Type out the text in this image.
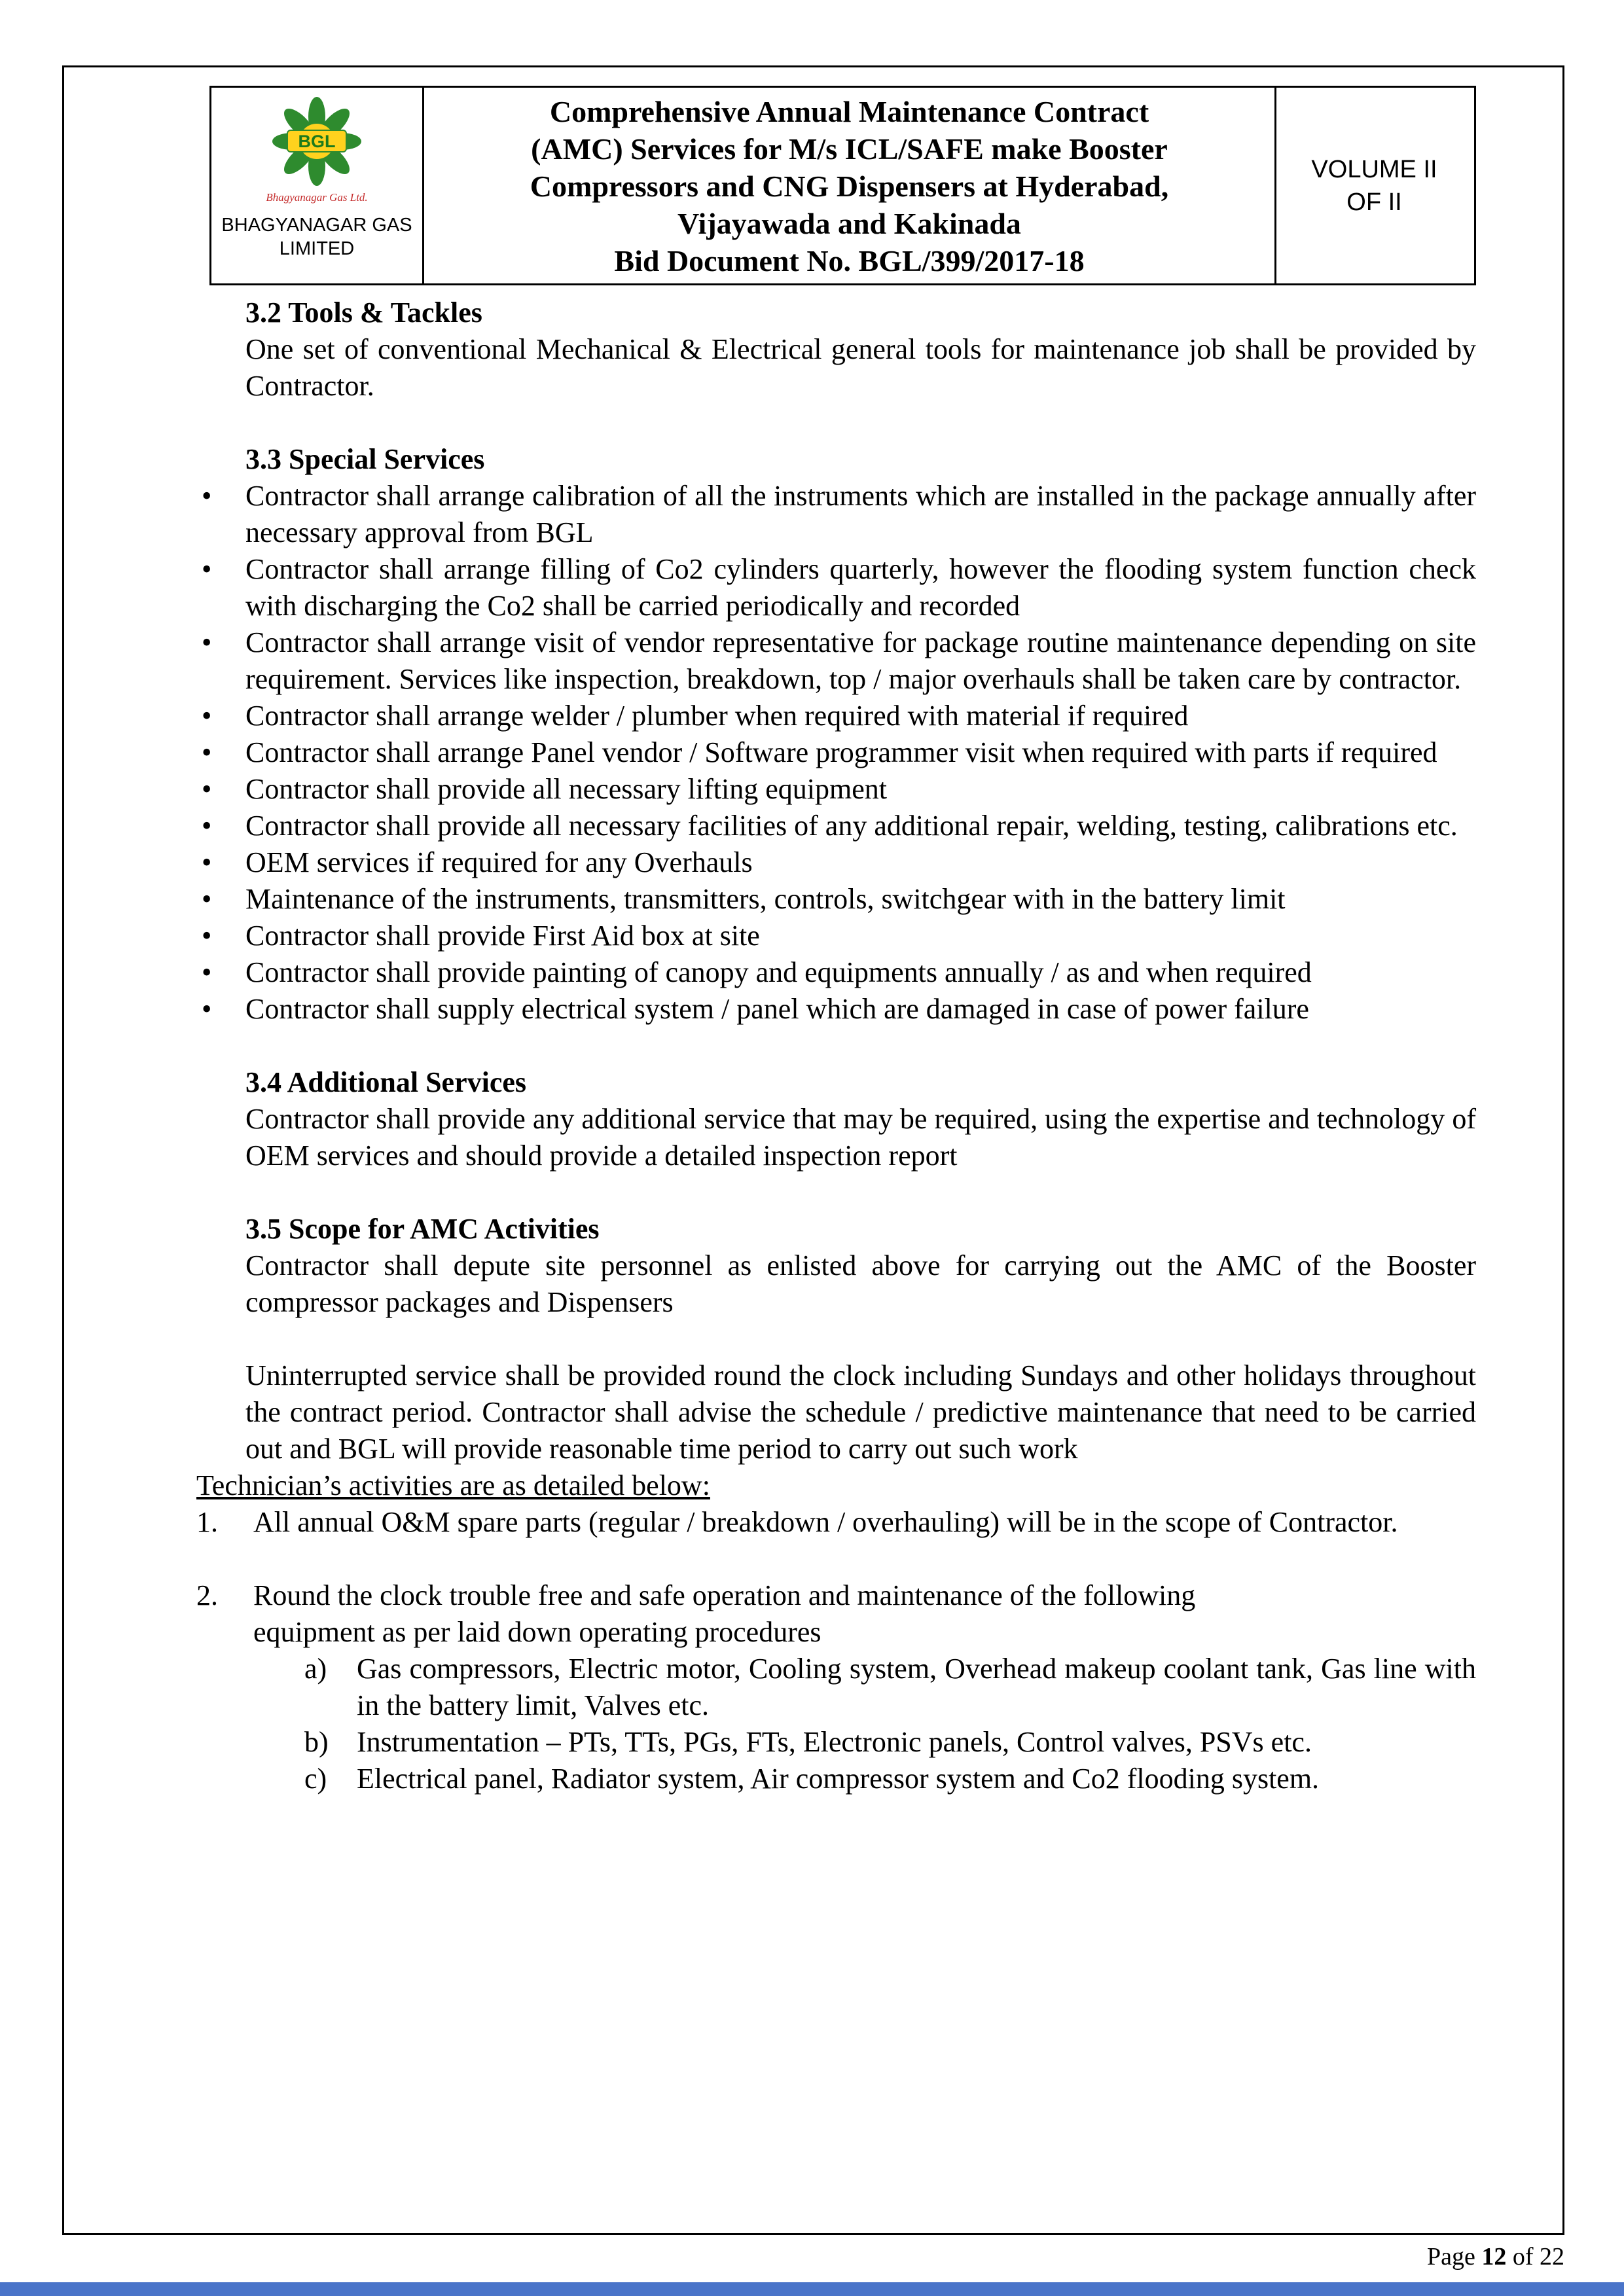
BGL
Bhagyanagar Gas Ltd.
BHAGYANAGAR GAS LIMITED
Comprehensive Annual Maintenance Contract
(AMC) Services for M/s ICL/SAFE make Booster
Compressors and CNG Dispensers at Hyderabad,
Vijayawada and Kakinada
Bid Document No. BGL/399/2017-18
VOLUME II
OF II
3.2 Tools & Tackles
One set of conventional Mechanical & Electrical general tools for maintenance job shall be provided by Contractor.
3.3 Special Services
• Contractor shall arrange calibration of all the instruments which are installed in the package annually after necessary approval from BGL
• Contractor shall arrange filling of Co2 cylinders quarterly, however the flooding system function check with discharging the Co2 shall be carried periodically and recorded
• Contractor shall arrange visit of vendor representative for package routine maintenance depending on site requirement. Services like inspection, breakdown, top / major overhauls shall be taken care by contractor.
• Contractor shall arrange welder / plumber when required with material if required
• Contractor shall arrange Panel vendor / Software programmer visit when required with parts if required
• Contractor shall provide all necessary lifting equipment
• Contractor shall provide all necessary facilities of any additional repair, welding, testing, calibrations etc.
• OEM services if required for any Overhauls
• Maintenance of the instruments, transmitters, controls, switchgear with in the battery limit
• Contractor shall provide First Aid box at site
• Contractor shall provide painting of canopy and equipments annually / as and when required
• Contractor shall supply electrical system / panel which are damaged in case of power failure
3.4 Additional Services
Contractor shall provide any additional service that may be required, using the expertise and technology of OEM services and should provide a detailed inspection report
3.5 Scope for AMC Activities
Contractor shall depute site personnel as enlisted above for carrying out the AMC of the Booster compressor packages and Dispensers
Uninterrupted service shall be provided round the clock including Sundays and other holidays throughout the contract period. Contractor shall advise the schedule / predictive maintenance that need to be carried out and BGL will provide reasonable time period to carry out such work
Technician’s activities are as detailed below:
1.	All annual O&M spare parts (regular / breakdown / overhauling) will be in the scope of Contractor.
2.	Round the clock trouble free and safe operation and maintenance of the following
equipment as per laid down operating procedures
a)	Gas compressors, Electric motor, Cooling system, Overhead makeup coolant tank, Gas line with in the battery limit, Valves etc.
b) Instrumentation – PTs, TTs, PGs, FTs, Electronic panels, Control valves, PSVs etc.
c)	Electrical panel, Radiator system, Air compressor system and Co2 flooding system.
Page 12 of 22
